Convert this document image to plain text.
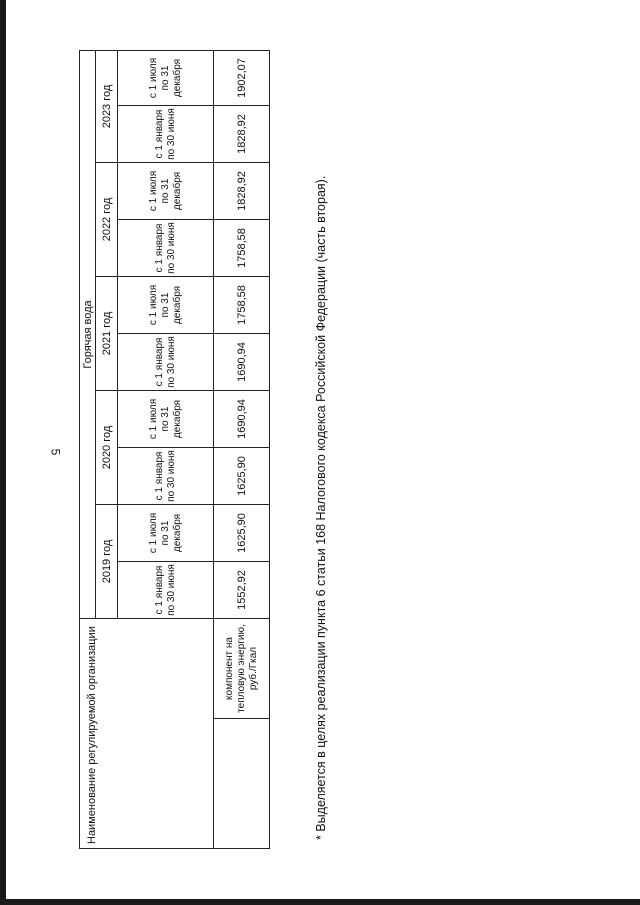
5
Наименование регулируемой организации		Горячая вода									
		2019 год		2020 год		2021 год		2022 год		2023 год	
		с 1 января по 30 июня	с 1 июля по 31 декабря	с 1 января по 30 июня	с 1 июля по 31 декабря	с 1 января по 30 июня	с 1 июля по 31 декабря	с 1 января по 30 июня	с 1 июля по 31 декабря	с 1 января по 30 июня	с 1 июля по 31 декабря
	компонент на тепловую энергию, руб./Гкал	1552,92	1625,90	1625,90	1690,94	1690,94	1758,58	1758,58	1828,92	1828,92	1902,07
* Выделяется в целях реализации пункта 6 статьи 168 Налогового кодекса Российской Федерации (часть вторая).
